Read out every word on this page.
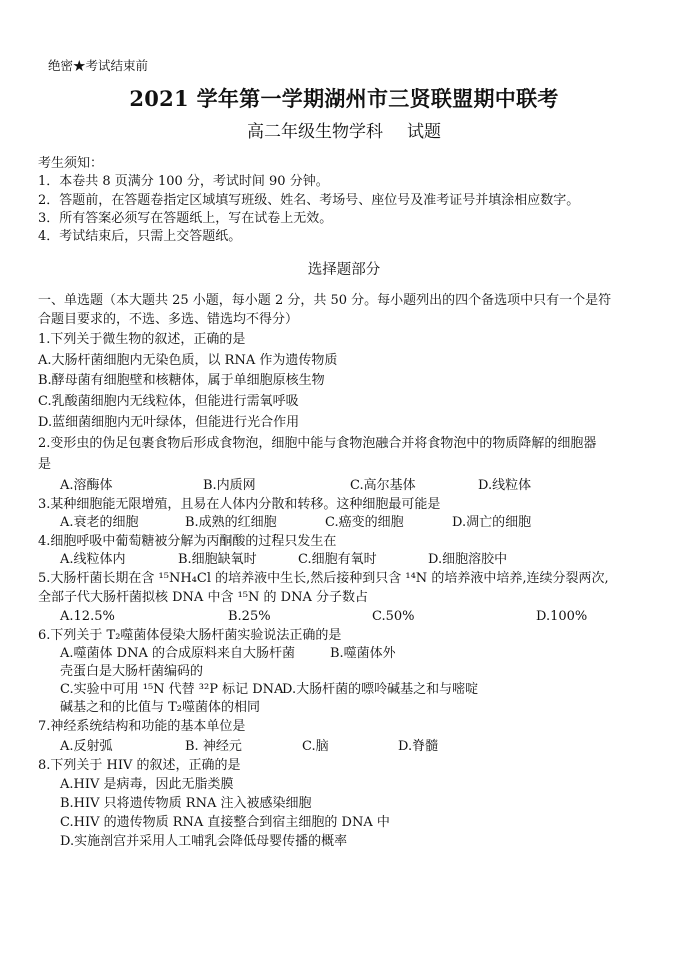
绝密★考试结束前
2021 学年第一学期湖州市三贤联盟期中联考
高二年级生物学科 试题
考生须知：
1．本卷共 8 页满分 100 分，考试时间 90 分钟。
2．答题前，在答题卷指定区域填写班级、姓名、考场号、座位号及准考证号并填涂相应数字。
3．所有答案必须写在答题纸上，写在试卷上无效。
4．考试结束后，只需上交答题纸。
选择题部分
一、单选题（本大题共 25 小题，每小题 2 分，共 50 分。每小题列出的四个备选项中只有一个是符
合题目要求的，不选、多选、错选均不得分）
1.下列关于微生物的叙述，正确的是
A.大肠杆菌细胞内无染色质，以 RNA 作为遗传物质
B.酵母菌有细胞壁和核糖体，属于单细胞原核生物
C.乳酸菌细胞内无线粒体，但能进行需氧呼吸
D.蓝细菌细胞内无叶绿体，但能进行光合作用
2.变形虫的伪足包裹食物后形成食物泡，细胞中能与食物泡融合并将食物泡中的物质降解的细胞器
是
A.溶酶体	B.内质网	C.高尔基体	D.线粒体
3.某种细胞能无限增殖，且易在人体内分散和转移。这种细胞最可能是
A.衰老的细胞	B.成熟的红细胞	C.癌变的细胞	D.凋亡的细胞
4.细胞呼吸中葡萄糖被分解为丙酮酸的过程只发生在
A.线粒体内	B.细胞缺氧时	C.细胞有氧时	D.细胞溶胶中
5.大肠杆菌长期在含 ¹⁵NH₄Cl 的培养液中生长,然后接种到只含 ¹⁴N 的培养液中培养,连续分裂两次,
全部子代大肠杆菌拟核 DNA 中含 ¹⁵N 的 DNA 分子数占
A.12.5%	B.25%	C.50%	D.100%
6.下列关于 T₂噬菌体侵染大肠杆菌实验说法正确的是
A.噬菌体 DNA 的合成原料来自大肠杆菌	B.噬菌体外
壳蛋白是大肠杆菌编码的
C.实验中可用 ¹⁵N 代替 ³²P 标记 DNA
D.大肠杆菌的嘌呤碱基之和与嘧啶
碱基之和的比值与 T₂噬菌体的相同
7.神经系统结构和功能的基本单位是
A.反射弧	B. 神经元	C.脑	D.脊髓
8.下列关于 HIV 的叙述，正确的是
A.HIV 是病毒，因此无脂类膜
B.HIV 只将遗传物质 RNA 注入被感染细胞
C.HIV 的遗传物质 RNA 直接整合到宿主细胞的 DNA 中
D.实施剖宫并采用人工哺乳会降低母婴传播的概率
